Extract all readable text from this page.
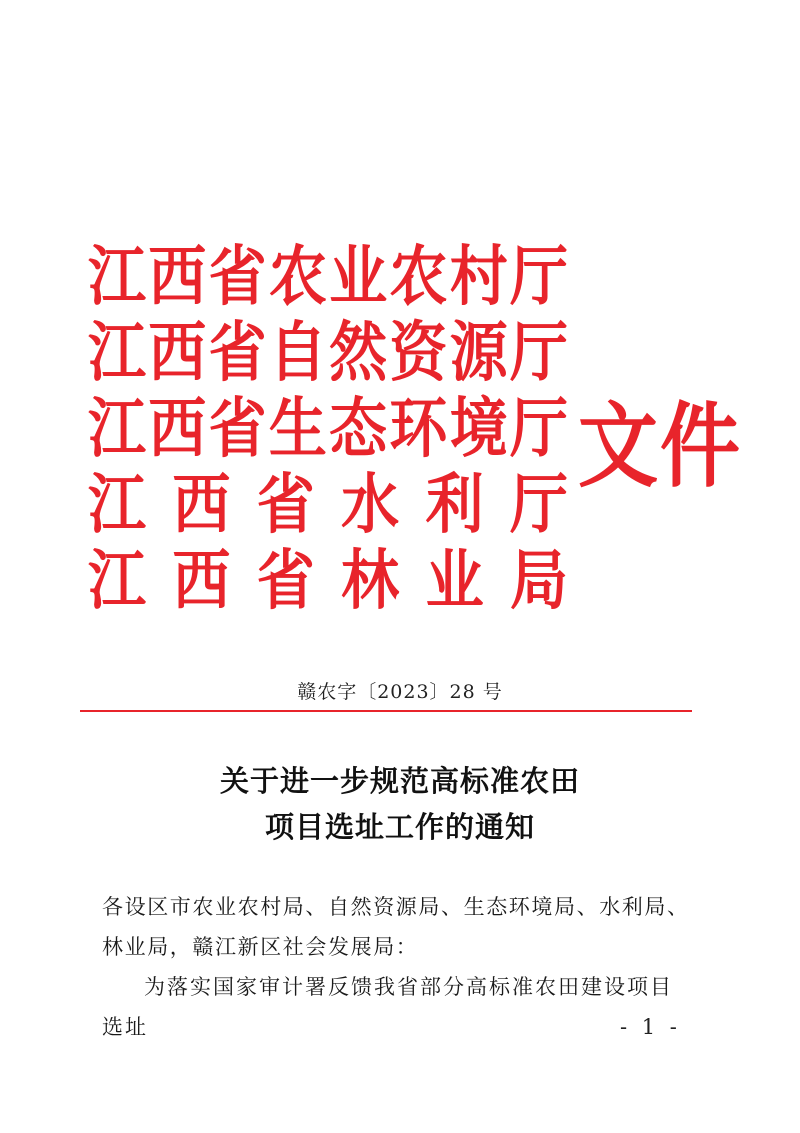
江 西 省 农 业 农 村 厅
江 西 省 自 然 资 源 厅
江 西 省 生 态 环 境 厅
江 西 省 水 利 厅
江 西 省 林 业 局
文件
赣农字〔2023〕28 号
关于进一步规范高标准农田
项目选址工作的通知
各设区市农业农村局、自然资源局、生态环境局、水利局、林业局，赣江新区社会发展局：
为落实国家审计署反馈我省部分高标准农田建设项目选址	- 1 -
